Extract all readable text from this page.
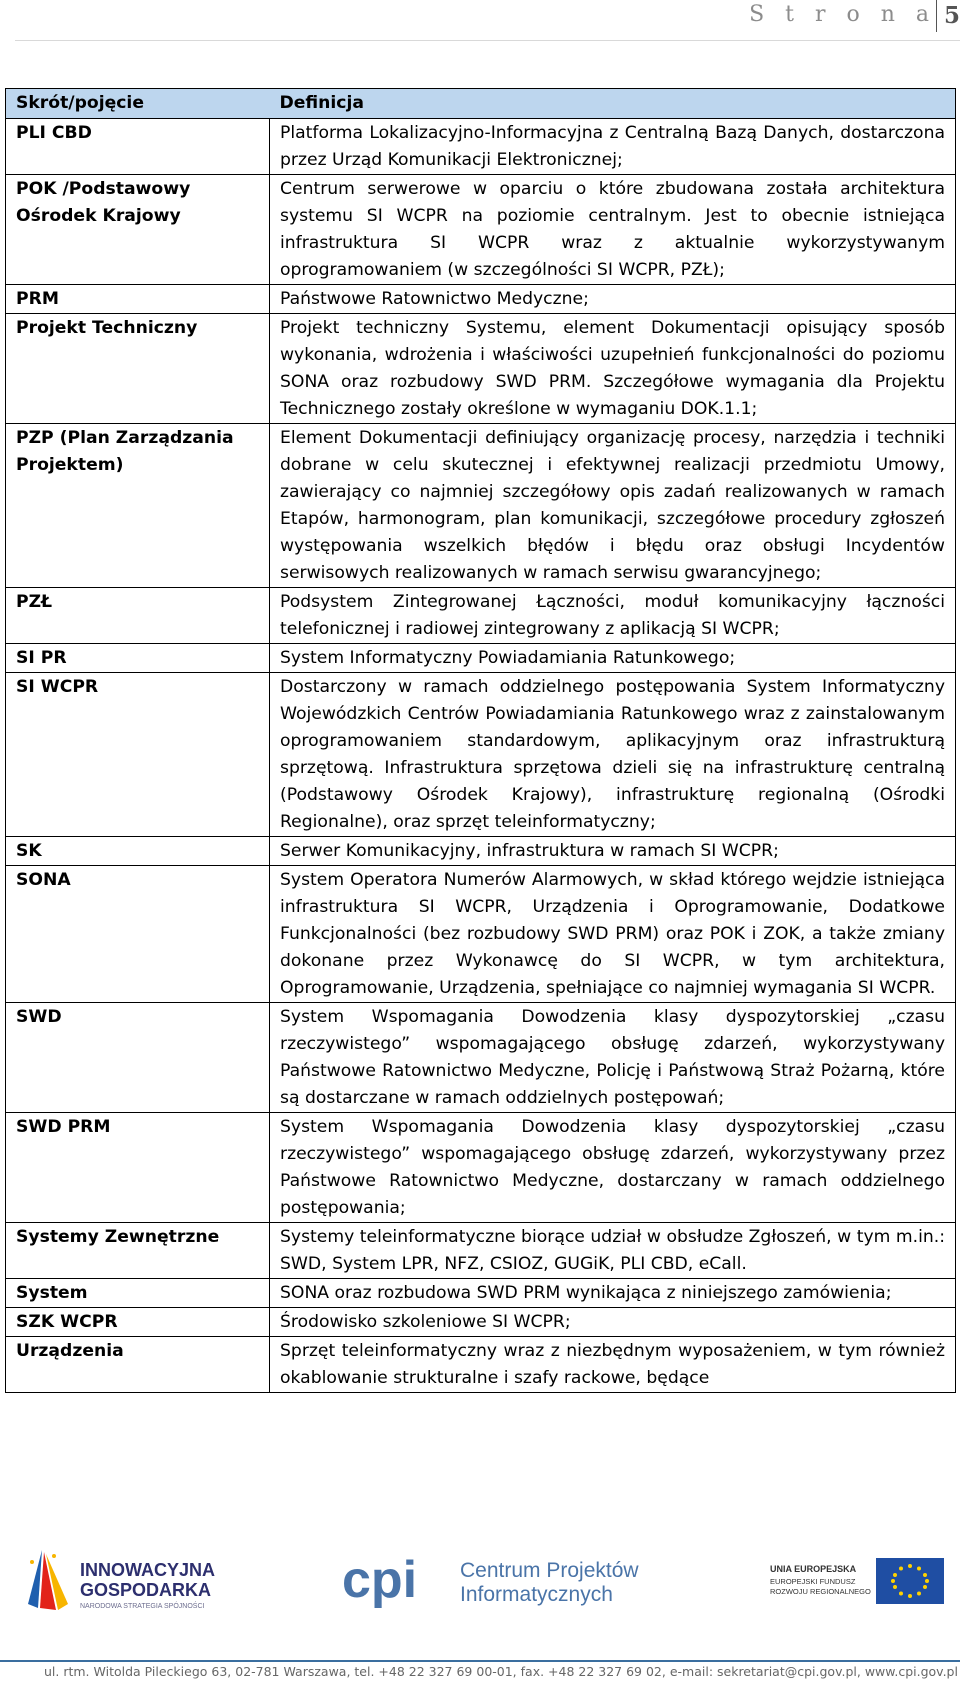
S t r o n a 5
Skrót/pojęcie	Definicja
PLI CBD	Platforma Lokalizacyjno-Informacyjna z Centralną Bazą Danych, dostarczona przez Urząd Komunikacji Elektronicznej;
POK /Podstawowy Ośrodek Krajowy	Centrum serwerowe w oparciu o które zbudowana została architektura systemu SI WCPR na poziomie centralnym. Jest to obecnie istniejąca infrastruktura SI WCPR wraz z aktualnie wykorzystywanym oprogramowaniem (w szczególności SI WCPR, PZŁ);
PRM	Państwowe Ratownictwo Medyczne;
Projekt Techniczny	Projekt techniczny Systemu, element Dokumentacji opisujący sposób wykonania, wdrożenia i właściwości uzupełnień funkcjonalności do poziomu SONA oraz rozbudowy SWD PRM. Szczegółowe wymagania dla Projektu Technicznego zostały określone w wymaganiu DOK.1.1;
PZP (Plan Zarządzania Projektem)	Element Dokumentacji definiujący organizację procesy, narzędzia i techniki dobrane w celu skutecznej i efektywnej realizacji przedmiotu Umowy, zawierający co najmniej szczegółowy opis zadań realizowanych w ramach Etapów, harmonogram, plan komunikacji, szczegółowe procedury zgłoszeń występowania wszelkich błędów i błędu oraz obsługi Incydentów serwisowych realizowanych w ramach serwisu gwarancyjnego;
PZŁ	Podsystem Zintegrowanej Łączności, moduł komunikacyjny łączności telefonicznej i radiowej zintegrowany z aplikacją SI WCPR;
SI PR	System Informatyczny Powiadamiania Ratunkowego;
SI WCPR	Dostarczony w ramach oddzielnego postępowania System Informatyczny Wojewódzkich Centrów Powiadamiania Ratunkowego wraz z zainstalowanym oprogramowaniem standardowym, aplikacyjnym oraz infrastrukturą sprzętową. Infrastruktura sprzętowa dzieli się na infrastrukturę centralną (Podstawowy Ośrodek Krajowy), infrastrukturę regionalną (Ośrodki Regionalne), oraz sprzęt teleinformatyczny;
SK	Serwer Komunikacyjny, infrastruktura w ramach SI WCPR;
SONA	System Operatora Numerów Alarmowych, w skład którego wejdzie istniejąca infrastruktura SI WCPR, Urządzenia i Oprogramowanie, Dodatkowe Funkcjonalności (bez rozbudowy SWD PRM) oraz POK i ZOK, a także zmiany dokonane przez Wykonawcę do SI WCPR, w tym architektura, Oprogramowanie, Urządzenia, spełniające co najmniej wymagania SI WCPR.
SWD	System Wspomagania Dowodzenia klasy dyspozytorskiej „czasu rzeczywistego” wspomagającego obsługę zdarzeń, wykorzystywany Państwowe Ratownictwo Medyczne, Policję i Państwową Straż Pożarną, które są dostarczane w ramach oddzielnych postępowań;
SWD PRM	System Wspomagania Dowodzenia klasy dyspozytorskiej „czasu rzeczywistego” wspomagającego obsługę zdarzeń, wykorzystywany przez Państwowe Ratownictwo Medyczne, dostarczany w ramach oddzielnego postępowania;
Systemy Zewnętrzne	Systemy teleinformatyczne biorące udział w obsłudze Zgłoszeń, w tym m.in.: SWD, System LPR, NFZ, CSIOZ, GUGiK, PLI CBD, eCall.
System	SONA oraz rozbudowa SWD PRM wynikająca z niniejszego zamówienia;
SZK WCPR	Środowisko szkoleniowe SI WCPR;
Urządzenia	Sprzęt teleinformatyczny wraz z niezbędnym wyposażeniem, w tym również okablowanie strukturalne i szafy rackowe, będące
INNOWACYJNA
GOSPODARKA
NARODOWA STRATEGIA SPÓJNOŚCI	cpi Centrum Projektów
Informatycznych
UNIA EUROPEJSKA
EUROPEJSKI FUNDUSZ
ROZWOJU REGIONALNEGO
ul. rtm. Witolda Pileckiego 63, 02-781 Warszawa, tel. +48 22 327 69 00-01, fax. +48 22 327 69 02, e-mail: sekretariat@cpi.gov.pl, www.cpi.gov.pl
